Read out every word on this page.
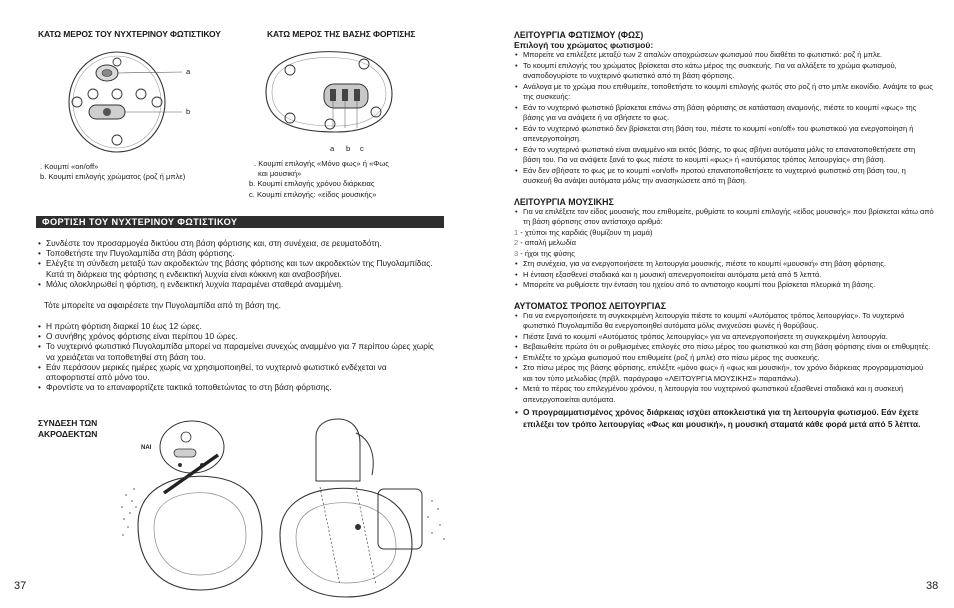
ΚΑΤΩ ΜΕΡΟΣ ΤΟΥ ΝΥΧΤΕΡΙΝΟΥ ΦΩΤΙΣΤΙΚΟΥ	ΚΑΤΩ ΜΕΡΟΣ ΤΗΣ ΒΑΣΗΣ ΦΟΡΤΙΣΗΣ
a
b
a b c
. Κουμπί «on/off»
b. Κουμπί επιλογής χρώματος (ροζ ή μπλε)
. Κουμπί επιλογής «Μόνο φως» ή «Φως
και μουσική»
b. Κουμπί επιλογής χρόνου διάρκειας
c. Κουμπί επιλογής: «είδος μουσικής»
ΦΟΡΤΙΣΗ ΤΟΥ ΝΥΧΤΕΡΙΝΟΥ ΦΩΤΙΣΤΙΚΟΥ
• Συνδέστε τον προσαρμογέα δικτύου στη βάση φόρτισης και, στη συνέχεια, σε ρευματοδότη.
• Τοποθετήστε την Πυγολαμπίδα στη βάση φόρτισης.
• Ελέγξτε τη σύνδεση μεταξύ των ακροδεκτών της βάσης φόρτισης και των ακροδεκτών της Πυγολαμπίδας. Κατά τη διάρκεια της φόρτισης η ενδεικτική λυχνία είναι κόκκινη και αναβοσβήνει.
• Μόλις ολοκληρωθεί η φόρτιση, η ενδεικτική λυχνία παραμένει σταθερά αναμμένη.
Τότε μπορείτε να αφαιρέσετε την Πυγολαμπίδα από τη βάση της.
• Η πρώτη φόρτιση διαρκεί 10 έως 12 ώρες.
• Ο συνήθης χρόνος φόρτισης είναι περίπου 10 ώρες.
• Το νυχτερινό φωτιστικό Πυγολαμπίδα μπορεί να παραμείνει συνεχώς αναμμένο για 7 περίπου ώρες χωρίς να χρειάζεται να τοποθετηθεί στη βάση του.
• Εάν περάσουν μερικές ημέρες χωρίς να χρησιμοποιηθεί, το νυχτερινό φωτιστικό ενδέχεται να αποφορτιστεί από μόνο του.
• Φροντίστε να το επαναφορτίζετε τακτικά τοποθετώντας το στη βάση φόρτισης.
ΣΥΝΔΕΣΗ ΤΩΝ
ΑΚΡΟΔΕΚΤΩΝ
NAI
37
ΛΕΙΤΟΥΡΓΙΑ ΦΩΤΙΣΜΟΥ (ΦΩΣ)
Επιλογή του χρώματος φωτισμού:
• Μπορείτε να επιλέξετε μεταξύ των 2 απαλών αποχρώσεων φωτισμού που διαθέτει το φωτιστικό: ροζ ή μπλε.
• Το κουμπί επιλογής του χρώματος βρίσκεται στο κάτω μέρος της συσκευής. Για να αλλάξετε το χρώμα φωτισμού, αναποδογυρίστε το νυχτερινό φωτιστικό από τη βάση φόρτισης.
• Ανάλογα με το χρώμα που επιθυμείτε, τοποθετήστε το κουμπί επιλογής φωτός στο ροζ ή στο μπλε εικονίδιο. Ανάψτε το φως της συσκευής:
• Εάν το νυχτερινό φωτιστικό βρίσκεται επάνω στη βάση φόρτισης σε κατάσταση αναμονής, πιέστε το κουμπί «φως» της βάσης για να ανάψετε ή να σβήσετε το φως.
• Εάν το νυχτερινό φωτιστικό δεν βρίσκεται στη βάση του, πιέστε το κουμπί «on/off» του φωτιστικού για ενεργοποίηση ή απενεργοποίηση.
• Εάν το νυχτερινό φωτιστικό είναι αναμμένο και εκτός βάσης, το φως σβήνει αυτόματα μόλις το επανατοποθετήσετε στη βάση του. Για να ανάψετε ξανά το φως πιέστε το κουμπί «φως» ή «αυτόματος τρόπος λειτουργίας» στη βάση.
• Εάν δεν σβήσατε το φως με το κουμπί «on/off» προτού επανατοποθετήσετε το νυχτερινό φωτιστικό στη βάση του, η συσκευή θα ανάψει αυτόματα μόλις την ανασηκώσετε από τη βάση.
ΛΕΙΤΟΥΡΓΙΑ ΜΟΥΣΙΚΗΣ
• Για να επιλέξετε τον είδος μουσικής που επιθυμείτε, ρυθμίστε το κουμπί επιλογής «είδος μουσικής» που βρίσκεται κάτω από τη βάση φόρτισης στον αντίστοιχο αριθμό:
1 - χτύποι της καρδιάς (θυμίζουν τη μαμά)
2 - απαλή μελωδία
3 - ήχοι της φύσης
• Στη συνέχεια, για να ενεργοποιήσετε τη λειτουργία μουσικής, πιέστε το κουμπί «μουσική» στη βάση φόρτισης.
• Η ένταση εξασθενεί σταδιακά και η μουσική απενεργοποιείται αυτόματα μετά από 5 λεπτά.
• Μπορείτε να ρυθμίσετε την ένταση του ηχείου από το αντιστοιχο κουμπί που βρίσκεται πλευρικά τη βάσης.
ΑΥΤΟΜΑΤΟΣ ΤΡΟΠΟΣ ΛΕΙΤΟΥΡΓΙΑΣ
• Για να ενεργοποιήσετε τη συγκεκριμένη λειτουργία πιέστε το κουμπί «Αυτόματος τρόπος λειτουργίας». Το νυχτερινό φωτιστικό Πυγολαμπίδα θα ενεργοποιηθεί αυτόματα μόλις ανιχνεύσει φωνές ή θορύβους.
• Πιέστε ξανά το κουμπί «Αυτόματος τρόπος λειτουργίας» για να απενεργοποιήσετε τη συγκεκριμένη λειτουργία.
• Βεβαιωθείτε πρώτα ότι οι ρυθμισμένες επιλογές στο πίσω μέρος του φωτιστικού και στη βάση φόρτισης είναι οι επιθυμητές.
• Επιλέξτε το χρώμα φωτισμού που επιθυμείτε (ροζ ή μπλε) στο πίσω μέρος της συσκευής.
• Στο πίσω μέρος της βάσης φόρτισης, επιλέξτε «μόνο φως» ή «φως και μουσική», τον χρόνο διάρκειας προγραμματισμού και τον τύπο μελωδίας (πρβλ. παράγραφο «ΛΕΙΤΟΥΡΓΙΑ ΜΟΥΣΙΚΗΣ» παραπάνω).
• Μετά το πέρας του επιλεγμένου χρόνου, η λειτουργία του νυχτερινού φωτιστικού εξασθενεί σταδιακά και η συσκευή απενεργοποιείται αυτόματα.
• Ο προγραμματισμένος χρόνος διάρκειας ισχύει αποκλειστικά για τη λειτουργία φωτισμού. Εάν έχετε επιλέξει τον τρόπο λειτουργίας «Φως και μουσική», η μουσική σταματά κάθε φορά μετά από 5 λέπτα.
38
